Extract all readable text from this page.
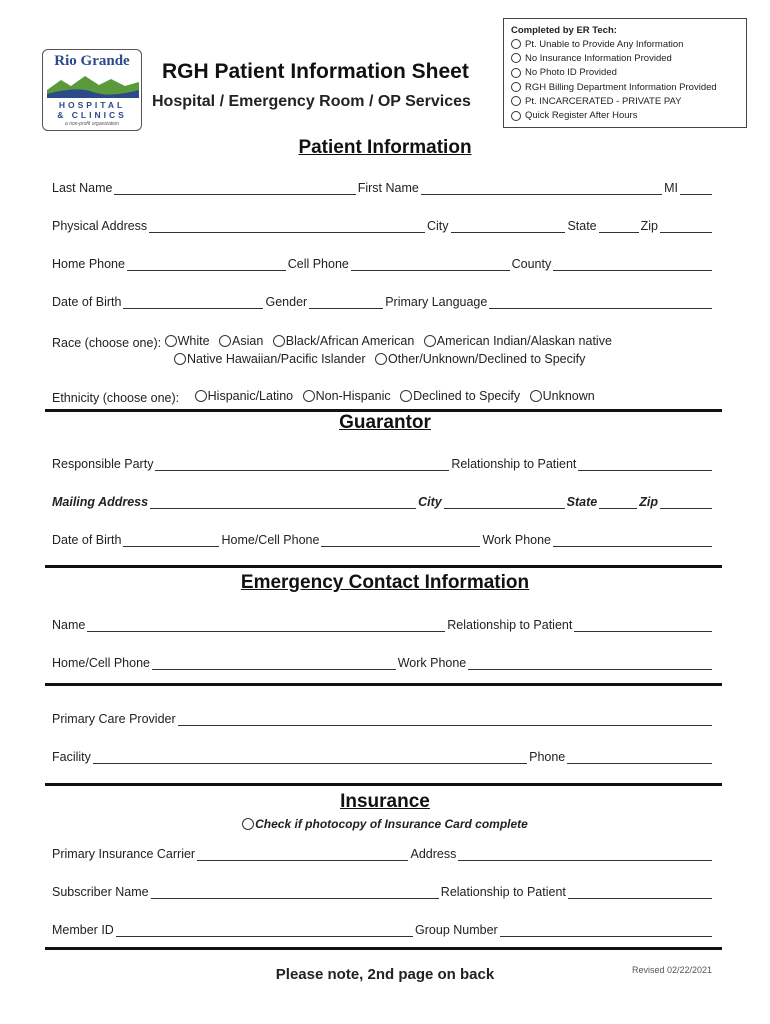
Rio Grande
HOSPITAL
& CLINICS
a non-profit organization
RGH Patient Information Sheet
Hospital / Emergency Room / OP Services
Completed by ER Tech:
Pt. Unable to Provide Any Information
No Insurance Information Provided
No Photo ID Provided
RGH Billing Department Information Provided
Pt. INCARCERATED - PRIVATE PAY
Quick Register After Hours
Patient Information
Last Name	First Name	MI
Physical Address	City	State	Zip
Home Phone	Cell Phone	County
Date of Birth	Gender	Primary Language
Race (choose one): White
Asian
Black/African American
American Indian/Alaskan native
Native Hawaiian/Pacific Islander
Other/Unknown/Declined to Specify
Ethnicity (choose one): Hispanic/Latino
Non-Hispanic
Declined to Specify
Unknown
Guarantor
Responsible Party	Relationship to Patient
Mailing Address	City	State	Zip
Date of Birth	Home/Cell Phone	Work Phone
Emergency Contact Information
Name	Relationship to Patient
Home/Cell Phone	Work Phone
Primary Care Provider
Facility	Phone
Insurance
Check if photocopy of Insurance Card complete
Primary Insurance Carrier	Address
Subscriber Name	Relationship to Patient
Member ID	Group Number
Please note, 2nd page on back	Revised 02/22/2021
